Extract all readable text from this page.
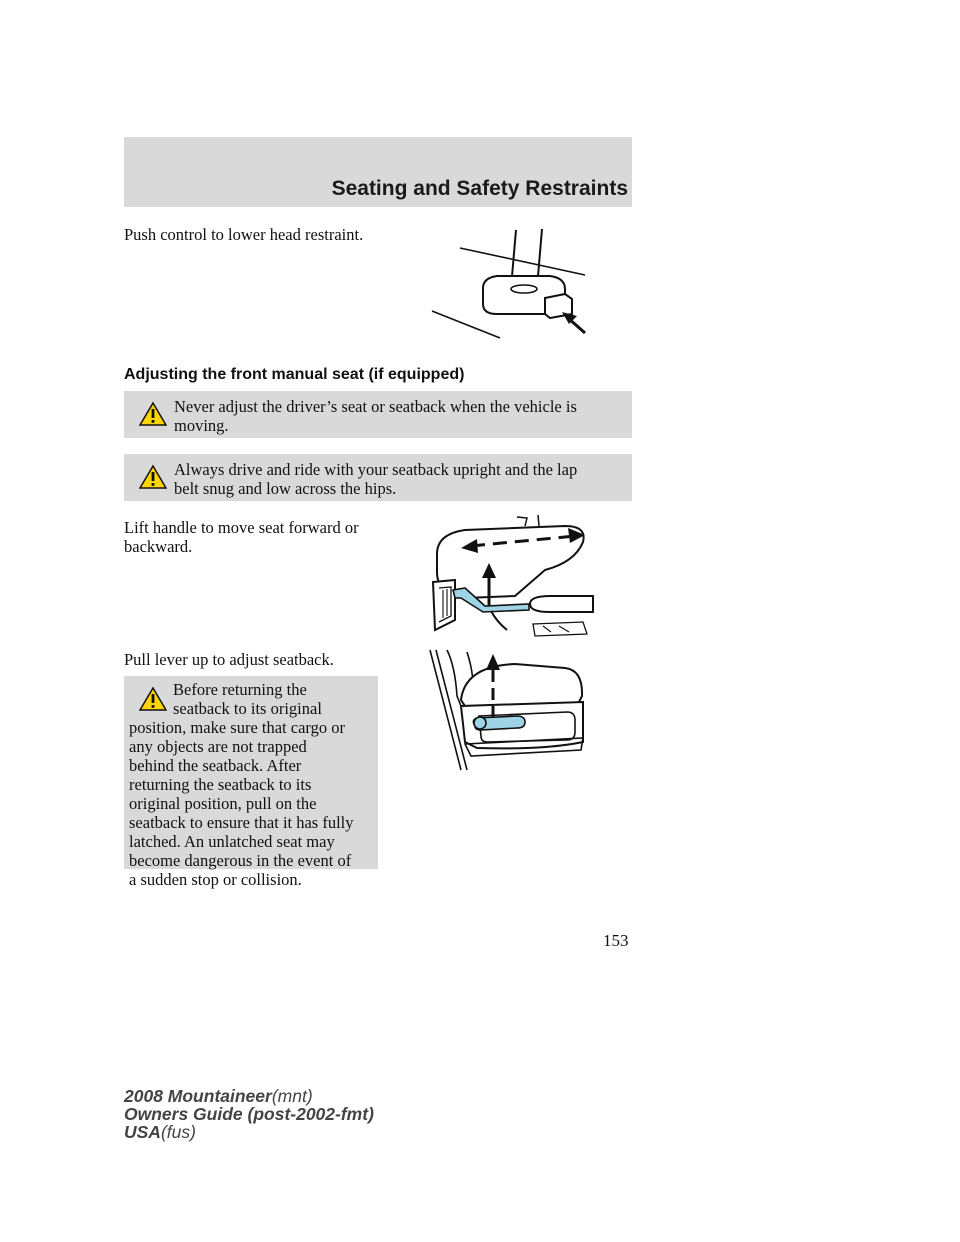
Seating and Safety Restraints
Push control to lower head restraint.
Adjusting the front manual seat (if equipped)
Never adjust the driver’s seat or seatback when the vehicle is
moving.
Always drive and ride with your seatback upright and the lap
belt snug and low across the hips.
Lift handle to move seat forward or
backward.
Pull lever up to adjust seatback.
Before returning the
seatback to its original
position, make sure that cargo or
any objects are not trapped
behind the seatback. After
returning the seatback to its
original position, pull on the
seatback to ensure that it has fully
latched. An unlatched seat may
become dangerous in the event of
a sudden stop or collision.
153
2008 Mountaineer(mnt)
Owners Guide (post-2002-fmt)
USA(fus)
